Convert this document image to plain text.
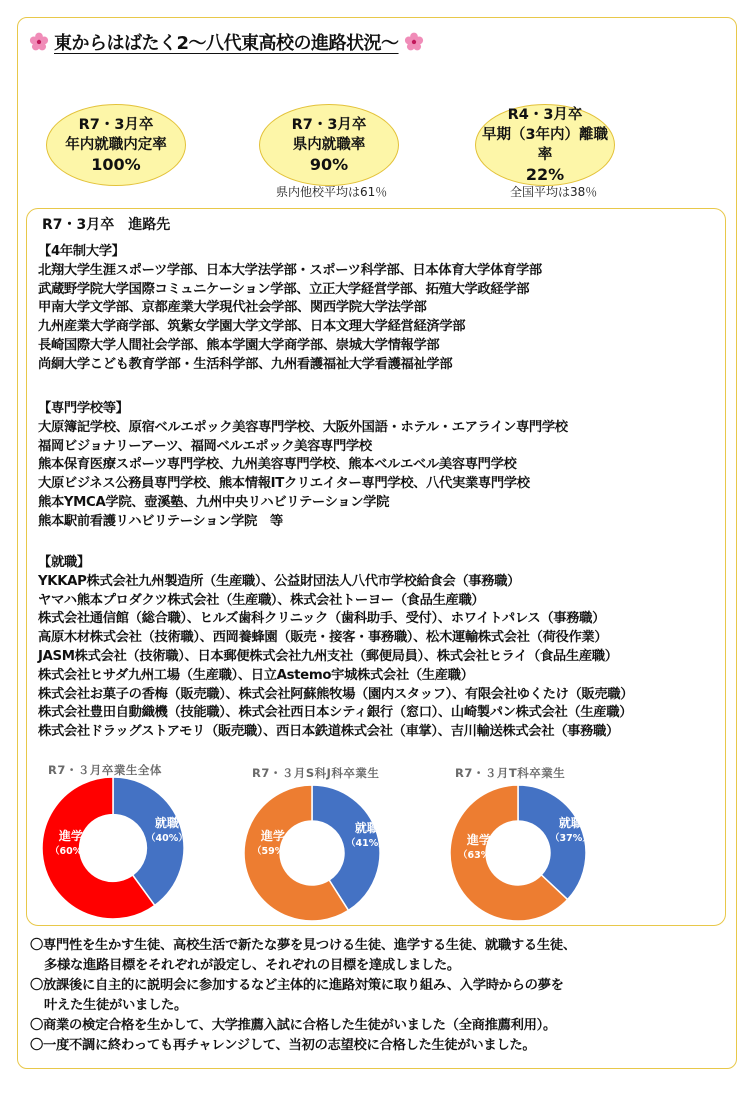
東からはばたく2～八代東高校の進路状況～
R7・3月卒
年内就職内定率
100%
R7・3月卒
県内就職率
90%
R4・3月卒
早期（3年内）離職率
22%
県内他校平均は61％	全国平均は38％
R7・3月卒　進路先
【4年制大学】
北翔大学生涯スポーツ学部、日本大学法学部・スポーツ科学部、日本体育大学体育学部
武蔵野学院大学国際コミュニケーション学部、立正大学経営学部、拓殖大学政経学部
甲南大学文学部、京都産業大学現代社会学部、関西学院大学法学部
九州産業大学商学部、筑紫女学園大学文学部、日本文理大学経営経済学部
長崎国際大学人間社会学部、熊本学園大学商学部、崇城大学情報学部
尚絅大学こども教育学部・生活科学部、九州看護福祉大学看護福祉学部
【専門学校等】
大原簿記学校、原宿ベルエポック美容専門学校、大阪外国語・ホテル・エアライン専門学校
福岡ビジョナリーアーツ、福岡ベルエポック美容専門学校
熊本保育医療スポーツ専門学校、九州美容専門学校、熊本ベルエベル美容専門学校
大原ビジネス公務員専門学校、熊本情報ITクリエイター専門学校、八代実業専門学校
熊本YMCA学院、壺溪塾、九州中央リハビリテーション学院
熊本駅前看護リハビリテーション学院　等
【就職】
YKKAP株式会社九州製造所（生産職）、公益財団法人八代市学校給食会（事務職）
ヤマハ熊本プロダクツ株式会社（生産職）、株式会社トーヨー（食品生産職）
株式会社通信館（総合職）、ヒルズ歯科クリニック（歯科助手、受付）、ホワイトパレス（事務職）
高原木材株式会社（技術職）、西岡養蜂園（販売・接客・事務職）、松木運輸株式会社（荷役作業）
JASM株式会社（技術職）、日本郵便株式会社九州支社（郵便局員）、株式会社ヒライ（食品生産職）
株式会社ヒサダ九州工場（生産職）、日立Astemo宇城株式会社（生産職）
株式会社お菓子の香梅（販売職）、株式会社阿蘇熊牧場（園内スタッフ）、有限会社ゆくたけ（販売職）
株式会社豊田自動織機（技能職）、株式会社西日本シティ銀行（窓口）、山崎製パン株式会社（生産職）
株式会社ドラッグストアモリ（販売職）、西日本鉄道株式会社（車掌）、吉川輸送株式会社（事務職）
R7・３月卒業生全体
就職
（40%）
進学
（60%）
R7・３月S科J科卒業生
就職
（41%）
進学
（59%）
R7・３月T科卒業生
就職
（37%）
進学
（63%）
〇専門性を生かす生徒、高校生活で新たな夢を見つける生徒、進学する生徒、就職する生徒、
多様な進路目標をそれぞれが設定し、それぞれの目標を達成しました。
〇放課後に自主的に説明会に参加するなど主体的に進路対策に取り組み、入学時からの夢を
叶えた生徒がいました。
〇商業の検定合格を生かして、大学推薦入試に合格した生徒がいました（全商推薦利用）。
〇一度不調に終わっても再チャレンジして、当初の志望校に合格した生徒がいました。
